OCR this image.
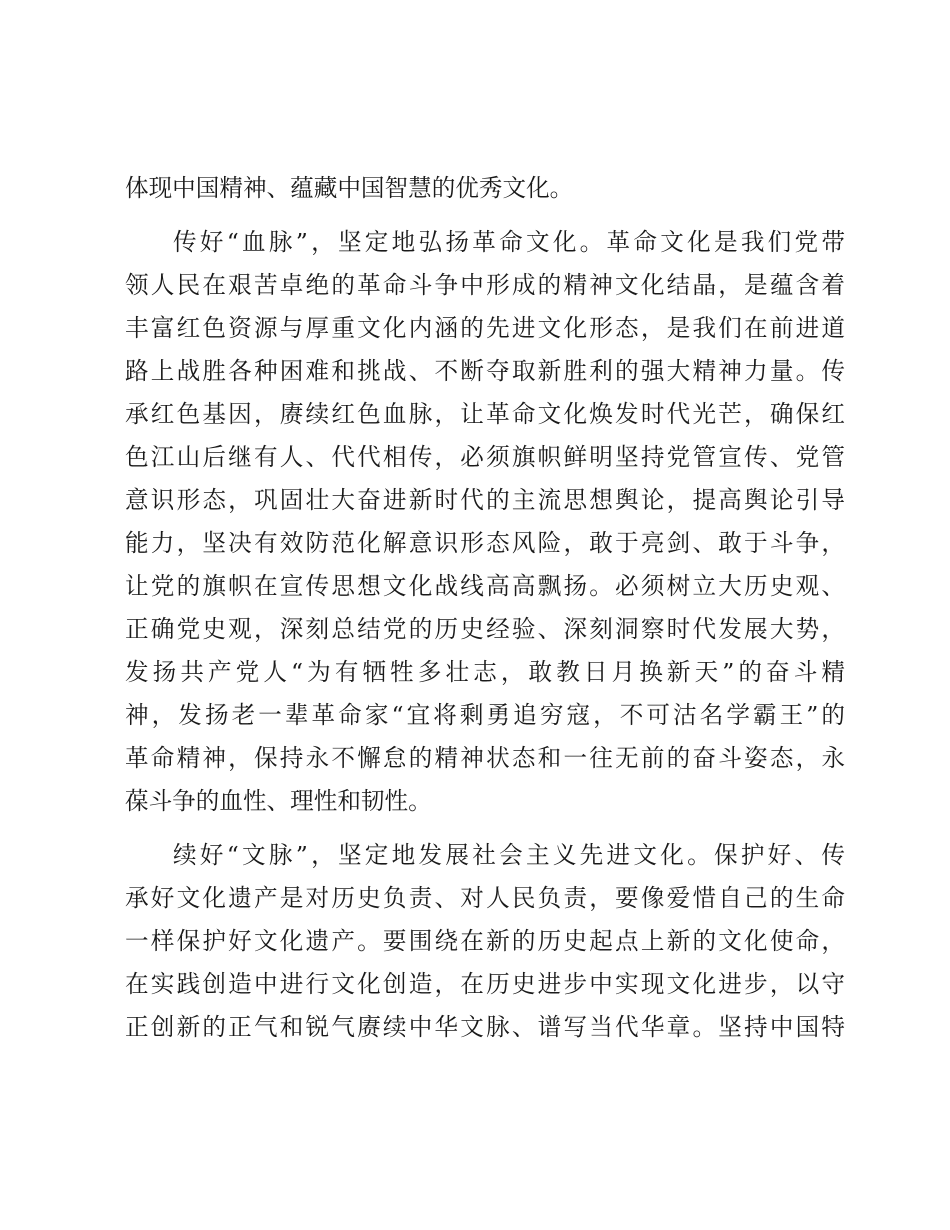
体现中国精神、蕴藏中国智慧的优秀文化。
传好“血脉”，坚定地弘扬革命文化。革命文化是我们党带
领人民在艰苦卓绝的革命斗争中形成的精神文化结晶，是蕴含着
丰富红色资源与厚重文化内涵的先进文化形态，是我们在前进道
路上战胜各种困难和挑战、不断夺取新胜利的强大精神力量。传
承红色基因，赓续红色血脉，让革命文化焕发时代光芒，确保红
色江山后继有人、代代相传，必须旗帜鲜明坚持党管宣传、党管
意识形态，巩固壮大奋进新时代的主流思想舆论，提高舆论引导
能力，坚决有效防范化解意识形态风险，敢于亮剑、敢于斗争，
让党的旗帜在宣传思想文化战线高高飘扬。必须树立大历史观、
正确党史观，深刻总结党的历史经验、深刻洞察时代发展大势，
发扬共产党人“为有牺牲多壮志，敢教日月换新天”的奋斗精
神，发扬老一辈革命家“宜将剩勇追穷寇，不可沽名学霸王”的
革命精神，保持永不懈怠的精神状态和一往无前的奋斗姿态，永
葆斗争的血性、理性和韧性。
续好“文脉”，坚定地发展社会主义先进文化。保护好、传
承好文化遗产是对历史负责、对人民负责，要像爱惜自己的生命
一样保护好文化遗产。要围绕在新的历史起点上新的文化使命，
在实践创造中进行文化创造，在历史进步中实现文化进步，以守
正创新的正气和锐气赓续中华文脉、谱写当代华章。坚持中国特
